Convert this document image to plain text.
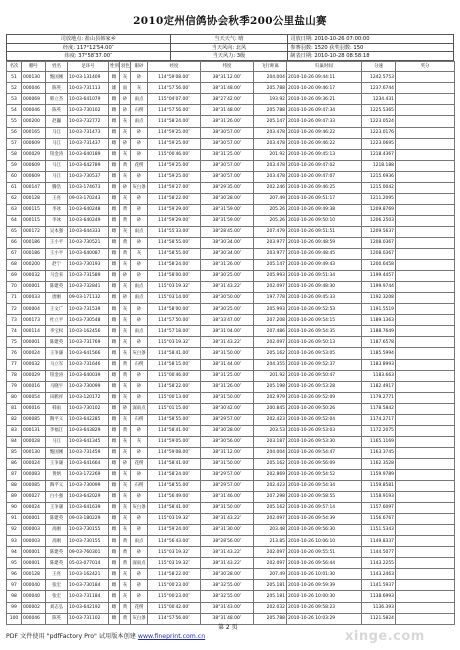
2010定州信鸽协会秋季200公里盐山赛
司放地点: 盐山县韩家乡	当天天气: 晴	司放日期: 2010-10-26 07:00:00
经度: 117°12′54.00″	当天风向: 北风	参赛羽数: 1520 获奖羽数: 150
纬度: 37°58′37.00″	当天风力: 3级	制表日期: 2010-10-28 08:58:18
名次	棚号	姓名	足环号	性别	羽色	眼砂	经度	纬度	飞行距离	归巢时间	分速	奖分
51	000130	甄国刚	10-03-131409	雌	灰	砂	114°59′08.00″	38°31′12.00″	204.004	2010-10-26 09:44:11	1242.5753	
52	000046	陈英	10-03-731113	雄	雨	灰	114°57′56.00″	38°31′48.00″	205.788	2010-10-26 09:46:17	1237.6744	
53	000069	韩立杰	10-03-641079	雌	砂	雨点	115°04′07.00″	38°27′42.00″	193.92	2010-10-26 09:36:21	1234.431	
54	000046	陈英	10-03-730102	雌	砂	石楞	114°57′56.00″	38°31′48.00″	205.788	2010-10-26 09:47:34	1225.5365	
55	000200	赵巍	10-03-732772	雌	灰	雨点	114°58′24.00″	38°31′26.00″	205.147	2010-10-26 09:47:33	1223.0524	
56	000165	马江	10-03-731473	雌	灰	砂	114°59′25.00″	38°30′57.00″	203.478	2010-10-26 09:46:22	1223.0176	
57	000609	马江	10-03-731437	雌	砂	砂	114°59′25.00″	38°30′57.00″	203.478	2010-10-26 09:46:22	1223.0695	
58	000029	钮金涛	10-03-640189	雌	灰	砂	115°00′46.00″	38°31′25.00″	201.92	2010-10-26 09:45:13	1218.4367	
59	000609	马江	10-03-642789	雌	黄	花楞	114°59′25.00″	38°30′57.00″	203.478	2010-10-26 09:47:02	1218.188	
60	000609	马江	10-03-730537	雌	灰	砂	114°59′25.00″	38°30′57.00″	203.478	2010-10-26 09:47:07	1215.6936	
61	000147	腾浩	10-03-174673	雌	砂	灰白条	114°59′27.00″	38°29′35.00″	202.246	2010-10-26 09:46:25	1215.0042	
62	000128	王亮	09-03-170243	雌	灰	砂	114°58′22.00″	38°30′28.00″	207.49	2010-10-26 09:51:17	1211.2095	
63	000115	李冰	10-03-640248	雌	黄	砂	114°59′29.00″	38°31′59.00″	205.26	2010-10-26 09:49:38	1209.8769	
64	000115	李冰	10-03-640249	雌	黄	砂	114°59′29.00″	38°31′59.00″	205.26	2010-10-26 09:50:10	1206.2503	
65	000172	吴本强	10-03-644333	雌	灰	雨点	114°55′33.00″	38°28′45.00″	207.479	2010-10-26 09:51:51	1209.5637	
66	000186	王小平	10-03-730521	雌	黄	砂	114°58′55.00″	38°30′34.00″	203.977	2010-10-26 09:48:59	1208.0367	
67	000186	王小平	10-03-640087	雌	黄	灰	114°58′55.00″	38°30′34.00″	203.977	2010-10-26 09:48:45	1208.0367	
68	000200	赵宁	10-03-730193	雌	灰	砂	114°58′24.00″	38°31′26.00″	205.147	2010-10-26 09:49:43	1200.6458	
69	000032	马会来	10-03-731589	雌	砂	砂	114°58′00.00″	38°30′25.00″	205.993	2010-10-26 09:51:34	1199.4457	
70	000001	陈建英	10-03-732841	雌	灰	雨点	115°03′19.32″	38°31′43.22″	202.097	2010-10-26 09:48:30	1199.9744	
71	000033	唐刚	09-03-171132	雌	砂	雨点	115°03′14.00″	38°30′50.00″	197.778	2010-10-26 09:45:33	1192.3208	
72	000004	王文广	10-03-731539	雌	灰	砂	114°58′00.00″	38°30′25.00″	205.993	2010-10-26 09:52:53	1191.5519	
73	000173	杜立平	10-03-730548	雌	灰	砂	114°57′50.00″	38°33′47.00″	207.208	2010-10-26 09:54:15	1189.1363	
74	000114	李宝权	10-03-162456	雌	灰	雨点	114°57′18.00″	38°31′04.00″	207.486	2010-10-26 09:54:35	1188.7649	
75	000001	陈建英	10-03-731769	雌	灰	砂	115°03′19.32″	38°31′43.22″	202.097	2010-10-26 09:50:13	1187.6578	
76	000024	王争谦	10-03-641566	雌	灰	灰白条	114°58′41.00″	38°31′50.00″	205.162	2010-10-26 09:53:05	1185.5994	
77	000032	马立军	10-03-731646	雌	黄	石楞	114°58′15.00″	38°31′44.00″	204.355	2010-10-26 09:52:37	1183.8993	
78	000029	钮金涛	10-03-640039	雌	黄	砂	115°00′46.00″	38°31′25.00″	201.92	2010-10-26 09:50:47	1183.663	
79	000016	马晓宇	10-03-730099	雌	灰	砂	114°58′22.00″	38°31′26.00″	205.198	2010-10-26 09:53:28	1182.4917	
80	000054	田鹤祥	10-03-120172	雌	灰	砂	115°00′13.00″	38°31′50.00″	202.979	2010-10-26 09:52:09	1179.2771	
81	000016	韩雨	10-03-730102	雌	砂	深雨点	115°01′15.00″	38°30′42.00″	200.845	2010-10-26 09:50:26	1178.5842	
82	000085	陶平义	10-03-642285	雌	灰	石楞	114°58′55.00″	38°29′57.00″	202.423	2010-10-26 09:52:04	1174.2717	
83	000131	李福江	10-03-643829	雌	黄	砂	114°58′41.00″	38°30′28.00″	203.53	2010-10-26 09:53:03	1172.2075	
84	000028	马江	10-03-641345	雌	灰	灰	114°59′05.00″	38°30′56.00″	203.187	2010-10-26 09:53:30	1165.1169	
85	000130	甄国刚	10-03-731459	雌	灰	砂	114°59′08.00″	38°31′12.00″	204.004	2010-10-26 09:54:47	1163.3745	
86	000024	王争谦	10-03-641664	雌	砂	花楞	114°58′41.00″	38°31′50.00″	205.162	2010-10-26 09:56:09	1162.3528	
87	000083	黄炳	10-03-172269	雌	灰	砂	114°58′24.00″	38°29′57.00″	202.869	2010-10-26 09:54:52	1159.9789	
88	000085	陶平义	10-03-730099	雌	灰	石楞	114°58′55.00″	38°29′57.00″	202.423	2010-10-26 09:54:34	1159.8581	
89	000027	白小强	10-03-642029	雌	灰	砂	114°56′49.00″	38°31′46.00″	207.298	2010-10-26 09:58:55	1158.9193	
90	000024	王争谦	10-03-641639	雌	灰	灰白条	114°58′41.00″	38°31′50.00″	205.162	2010-10-26 09:57:14	1157.6097	
91	000001	陈建英	09-03-180229	雌	灰	砂	115°03′19.32″	38°31′43.22″	202.097	2010-10-26 09:54:39	1156.6767	
92	000003	高刚	10-03-730155	雌	灰	砂	114°59′24.00″	38°31′30.00″	203.48	2010-10-26 09:56:30	1151.5343	
93	000003	高刚	10-03-730155	雌	黄	雨点	114°56′43.00″	38°28′56.00″	213.85	2010-10-26 10:06:10	1149.8337	
94	000001	陈建英	09-03-760301	雌	黄	砂	115°03′19.32″	38°31′43.22″	202.097	2010-10-26 09:55:51	1144.5077	
95	000001	陈建英	05-03-077014	雌	黄	深雨点	115°03′19.32″	38°31′43.22″	202.097	2010-10-26 09:56:44	1143.2255	
96	000128	王亮	10-03-162421	雌	灰	砂	114°58′22.00″	38°30′28.00″	207.49	2010-10-26 10:01:30	1143.2463	
97	000040	张宏	10-03-730184	雌	灰	砂	115°00′23.00″	38°32′55.00″	205.181	2010-10-26 09:59:39	1141.5937	
98	000040	张宏	10-03-731184	雌	灰	砂	115°00′23.00″	38°32′55.00″	205.181	2010-10-26 10:00:30	1138.6993	
99	000002	刘志弘	10-03-642192	雌	黄	花楞	115°00′42.00″	38°31′43.00″	202.032	2010-10-26 09:58:23	1136.393	
100	000046	陈英	10-03-731102	雌	黄	灰白条	114°57′56.00″	38°31′48.00″	205.788	2010-10-26 10:03:29	1121.5824	
第 2 页
xinge.com
PDF 文件使用 "pdfFactory Pro" 试用版本创建 www.fineprint.com.cn
